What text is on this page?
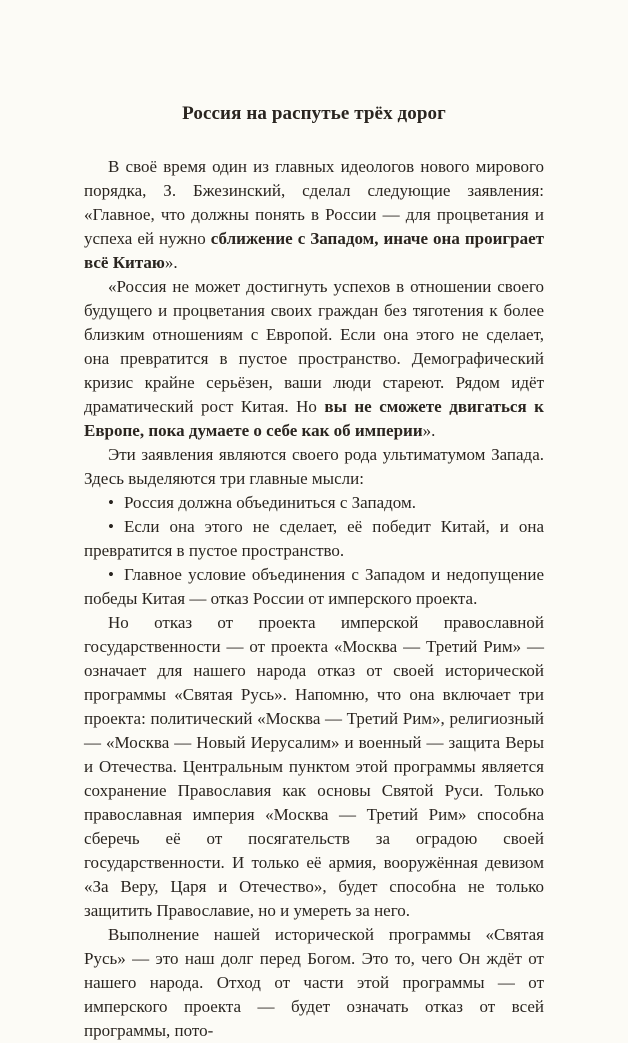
Россия на распутье трёх дорог

В своё время один из главных идеологов нового мирового порядка, З. Бжезинский, сделал следующие заявления: «Главное, что должны понять в России — для процветания и успеха ей нужно сближение с Западом, иначе она проиграет всё Китаю».

«Россия не может достигнуть успехов в отношении своего будущего и процветания своих граждан без тяготения к более близким отношениям с Европой. Если она этого не сделает, она превратится в пустое пространство. Демографический кризис крайне серьёзен, ваши люди стареют. Рядом идёт драматический рост Китая. Но вы не сможете двигаться к Европе, пока думаете о себе как об империи».

Эти заявления являются своего рода ультиматумом Запада. Здесь выделяются три главные мысли:

• Россия должна объединиться с Западом.

• Если она этого не сделает, её победит Китай, и она превратится в пустое пространство.

• Главное условие объединения с Западом и недопущение победы Китая — отказ России от имперского проекта.

Но отказ от проекта имперской православной государственности — от проекта «Москва — Третий Рим» — означает для нашего народа отказ от своей исторической программы «Святая Русь». Напомню, что она включает три проекта: политический «Москва — Третий Рим», религиозный — «Москва — Новый Иерусалим» и военный — защита Веры и Отечества. Центральным пунктом этой программы является сохранение Православия как основы Святой Руси. Только православная империя «Москва — Третий Рим» способна сберечь её от посягательств за оградою своей государственности. И только её армия, вооружённая девизом «За Веру, Царя и Отечество», будет способна не только защитить Православие, но и умереть за него.

Выполнение нашей исторической программы «Святая Русь» — это наш долг перед Богом. Это то, чего Он ждёт от нашего народа. Отход от части этой программы — от имперского проекта — будет означать отказ от всей программы, пото-
